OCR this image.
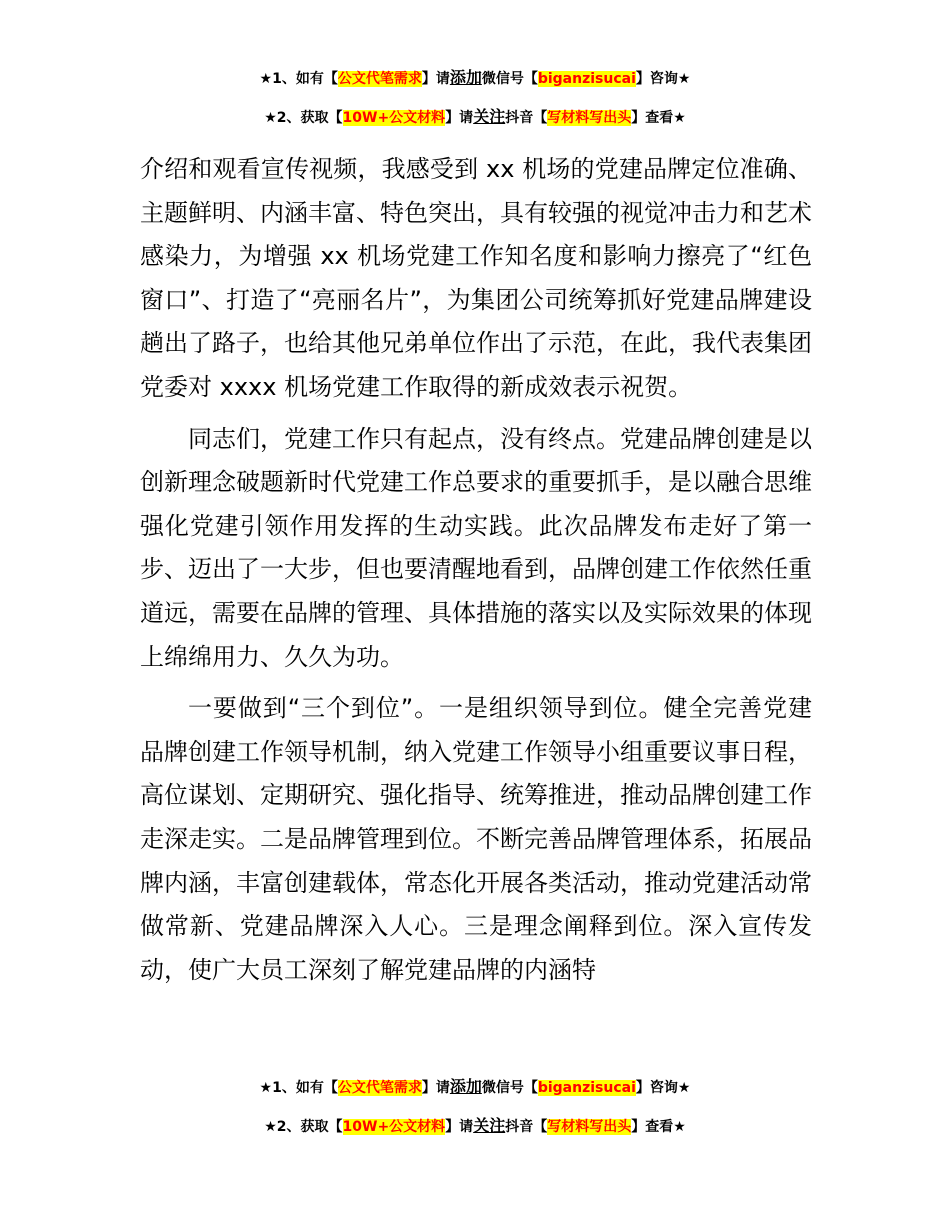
★1、如有【公文代笔需求】请添加微信号【biganzisucai】咨询★
★2、获取【10W+公文材料】请关注抖音【写材料写出头】查看★

介绍和观看宣传视频，我感受到 xx 机场的党建品牌定位准确、主题鲜明、内涵丰富、特色突出，具有较强的视觉冲击力和艺术感染力，为增强 xx 机场党建工作知名度和影响力擦亮了“红色窗口”、打造了“亮丽名片”，为集团公司统筹抓好党建品牌建设趟出了路子，也给其他兄弟单位作出了示范，在此，我代表集团党委对 xxxx 机场党建工作取得的新成效表示祝贺。

同志们，党建工作只有起点，没有终点。党建品牌创建是以创新理念破题新时代党建工作总要求的重要抓手，是以融合思维强化党建引领作用发挥的生动实践。此次品牌发布走好了第一步、迈出了一大步，但也要清醒地看到，品牌创建工作依然任重道远，需要在品牌的管理、具体措施的落实以及实际效果的体现上绵绵用力、久久为功。

一要做到“三个到位”。一是组织领导到位。健全完善党建品牌创建工作领导机制，纳入党建工作领导小组重要议事日程，高位谋划、定期研究、强化指导、统筹推进，推动品牌创建工作走深走实。二是品牌管理到位。不断完善品牌管理体系，拓展品牌内涵，丰富创建载体，常态化开展各类活动，推动党建活动常做常新、党建品牌深入人心。三是理念阐释到位。深入宣传发动，使广大员工深刻了解党建品牌的内涵特

★1、如有【公文代笔需求】请添加微信号【biganzisucai】咨询★
★2、获取【10W+公文材料】请关注抖音【写材料写出头】查看★
